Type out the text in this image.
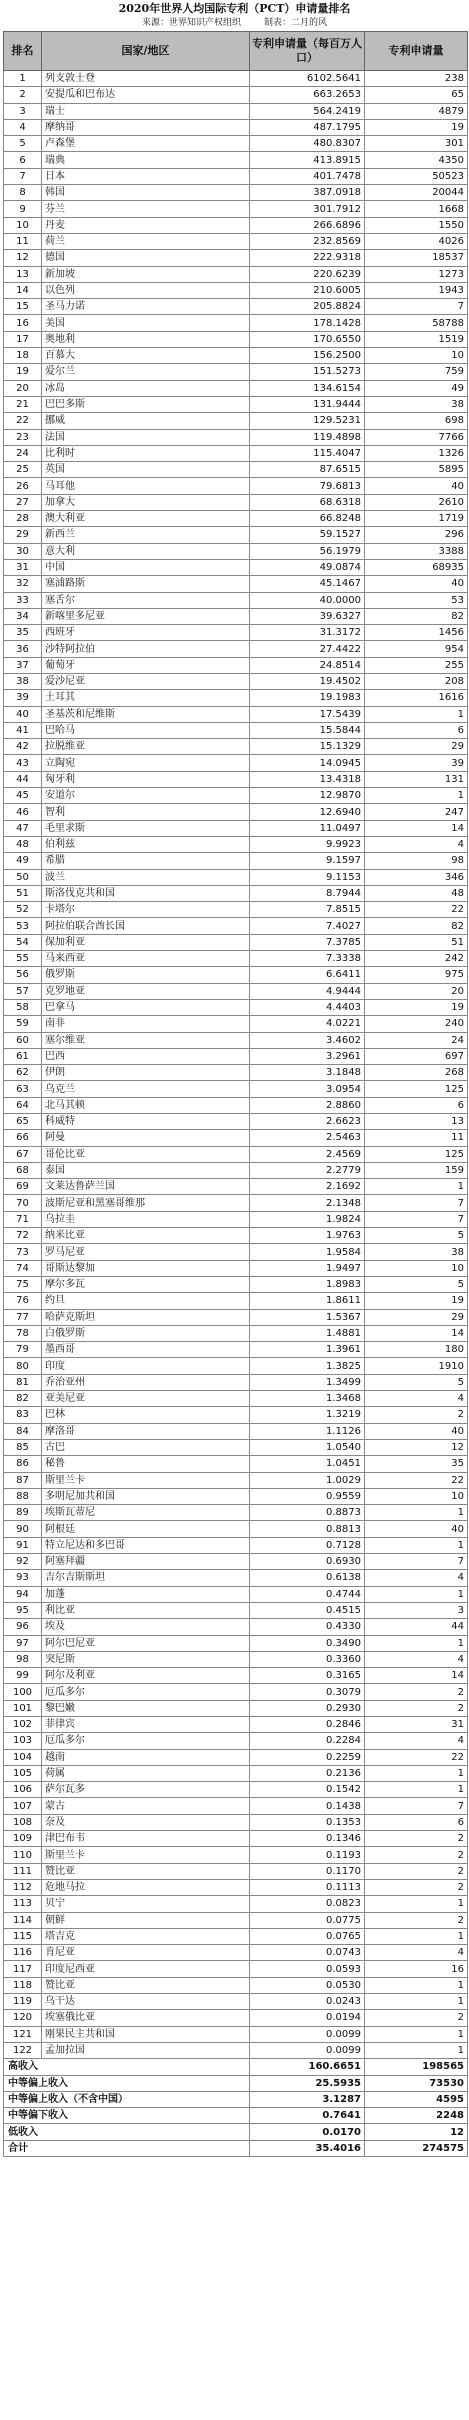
2020年世界人均国际专利（PCT）申请量排名
来源：世界知识产权组织	制表：二月的风
排名	国家/地区	专利申请量（每百万人口）	专利申请量
1	列支敦士登	6102.5641	238
2	安提瓜和巴布达	663.2653	65
3	瑞士	564.2419	4879
4	摩纳哥	487.1795	19
5	卢森堡	480.8307	301
6	瑞典	413.8915	4350
7	日本	401.7478	50523
8	韩国	387.0918	20044
9	芬兰	301.7912	1668
10	丹麦	266.6896	1550
11	荷兰	232.8569	4026
12	德国	222.9318	18537
13	新加坡	220.6239	1273
14	以色列	210.6005	1943
15	圣马力诺	205.8824	7
16	美国	178.1428	58788
17	奥地利	170.6550	1519
18	百慕大	156.2500	10
19	爱尔兰	151.5273	759
20	冰岛	134.6154	49
21	巴巴多斯	131.9444	38
22	挪威	129.5231	698
23	法国	119.4898	7766
24	比利时	115.4047	1326
25	英国	87.6515	5895
26	马耳他	79.6813	40
27	加拿大	68.6318	2610
28	澳大利亚	66.8248	1719
29	新西兰	59.1527	296
30	意大利	56.1979	3388
31	中国	49.0874	68935
32	塞浦路斯	45.1467	40
33	塞舌尔	40.0000	53
34	新喀里多尼亚	39.6327	82
35	西班牙	31.3172	1456
36	沙特阿拉伯	27.4422	954
37	葡萄牙	24.8514	255
38	爱沙尼亚	19.4502	208
39	土耳其	19.1983	1616
40	圣基茨和尼维斯	17.5439	1
41	巴哈马	15.5844	6
42	拉脱维亚	15.1329	29
43	立陶宛	14.0945	39
44	匈牙利	13.4318	131
45	安道尔	12.9870	1
46	智利	12.6940	247
47	毛里求斯	11.0497	14
48	伯利兹	9.9923	4
49	希腊	9.1597	98
50	波兰	9.1153	346
51	斯洛伐克共和国	8.7944	48
52	卡塔尔	7.8515	22
53	阿拉伯联合酋长国	7.4027	82
54	保加利亚	7.3785	51
55	马来西亚	7.3338	242
56	俄罗斯	6.6411	975
57	克罗地亚	4.9444	20
58	巴拿马	4.4403	19
59	南非	4.0221	240
60	塞尔维亚	3.4602	24
61	巴西	3.2961	697
62	伊朗	3.1848	268
63	乌克兰	3.0954	125
64	北马其顿	2.8860	6
65	科威特	2.6623	13
66	阿曼	2.5463	11
67	哥伦比亚	2.4569	125
68	泰国	2.2779	159
69	文莱达鲁萨兰国	2.1692	1
70	波斯尼亚和黑塞哥维那	2.1348	7
71	乌拉圭	1.9824	7
72	纳米比亚	1.9763	5
73	罗马尼亚	1.9584	38
74	哥斯达黎加	1.9497	10
75	摩尔多瓦	1.8983	5
76	约旦	1.8611	19
77	哈萨克斯坦	1.5367	29
78	白俄罗斯	1.4881	14
79	墨西哥	1.3961	180
80	印度	1.3825	1910
81	乔治亚州	1.3499	5
82	亚美尼亚	1.3468	4
83	巴林	1.3219	2
84	摩洛哥	1.1126	40
85	古巴	1.0540	12
86	秘鲁	1.0451	35
87	斯里兰卡	1.0029	22
88	多明尼加共和国	0.9559	10
89	埃斯瓦蒂尼	0.8873	1
90	阿根廷	0.8813	40
91	特立尼达和多巴哥	0.7128	1
92	阿塞拜疆	0.6930	7
93	吉尔吉斯斯坦	0.6138	4
94	加蓬	0.4744	1
95	利比亚	0.4515	3
96	埃及	0.4330	44
97	阿尔巴尼亚	0.3490	1
98	突尼斯	0.3360	4
99	阿尔及利亚	0.3165	14
100	厄瓜多尔	0.3079	2
101	黎巴嫩	0.2930	2
102	菲律宾	0.2846	31
103	厄瓜多尔	0.2284	4
104	越南	0.2259	22
105	荷属	0.2136	1
106	萨尔瓦多	0.1542	1
107	蒙古	0.1438	7
108	奈及	0.1353	6
109	津巴布韦	0.1346	2
110	斯里兰卡	0.1193	2
111	赞比亚	0.1170	2
112	危地马拉	0.1113	2
113	贝宁	0.0823	1
114	朝鲜	0.0775	2
115	塔吉克	0.0765	1
116	肯尼亚	0.0743	4
117	印度尼西亚	0.0593	16
118	赞比亚	0.0530	1
119	乌干达	0.0243	1
120	埃塞俄比亚	0.0194	2
121	刚果民主共和国	0.0099	1
122	孟加拉国	0.0099	1
高收入		160.6651	198565
中等偏上收入		25.5935	73530
中等偏上收入（不含中国）		3.1287	4595
中等偏下收入		0.7641	2248
低收入		0.0170	12
合计		35.4016	274575
